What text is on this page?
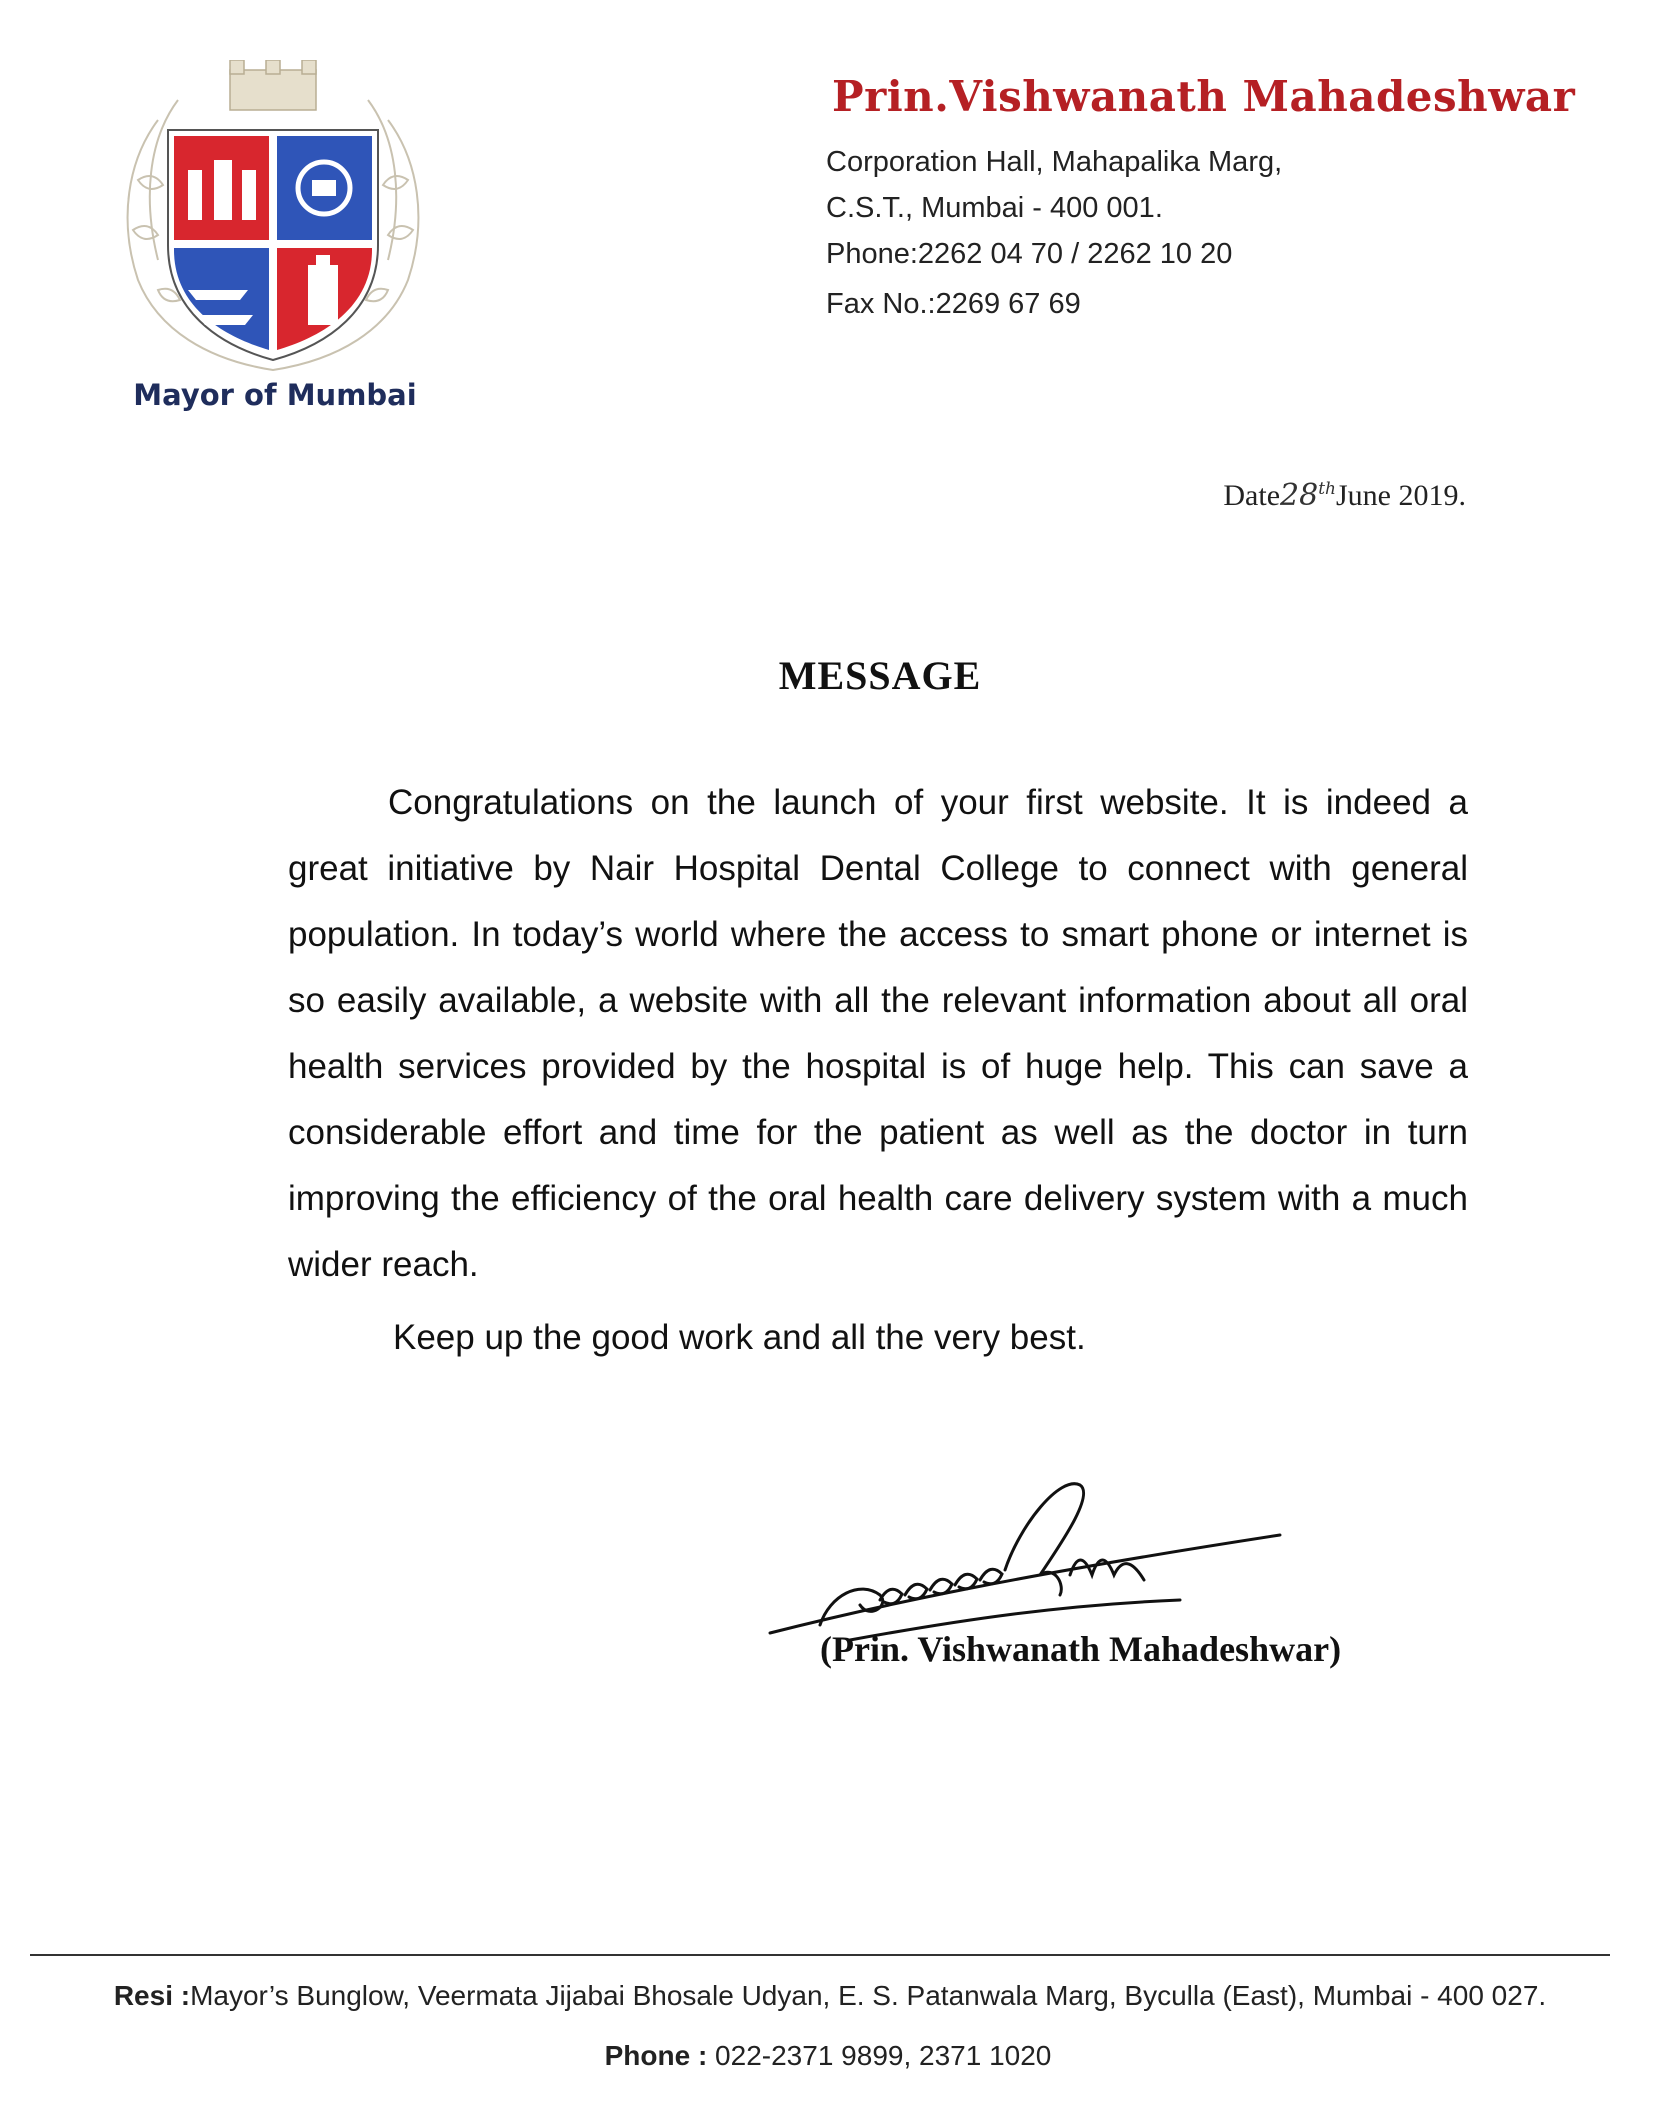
Mayor of Mumbai
Prin.Vishwanath Mahadeshwar
Corporation Hall, Mahapalika Marg,
C.S.T., Mumbai - 400 001.
Phone:2262 04 70 / 2262 10 20
Fax No.:2269 67 69
Date28thJune 2019.
MESSAGE

Congratulations on the launch of your first website. It is indeed a great initiative by Nair Hospital Dental College to connect with general population. In today’s world where the access to smart phone or internet is so easily available, a website with all the relevant information about all oral health services provided by the hospital is of huge help. This can save a considerable effort and time for the patient as well as the doctor in turn improving the efficiency of the oral health care delivery system with a much wider reach.

Keep up the good work and all the very best.
(Prin. Vishwanath Mahadeshwar)
Resi :Mayor’s Bunglow, Veermata Jijabai Bhosale Udyan, E. S. Patanwala Marg, Byculla (East), Mumbai - 400 027.
Phone : 022-2371 9899, 2371 1020
